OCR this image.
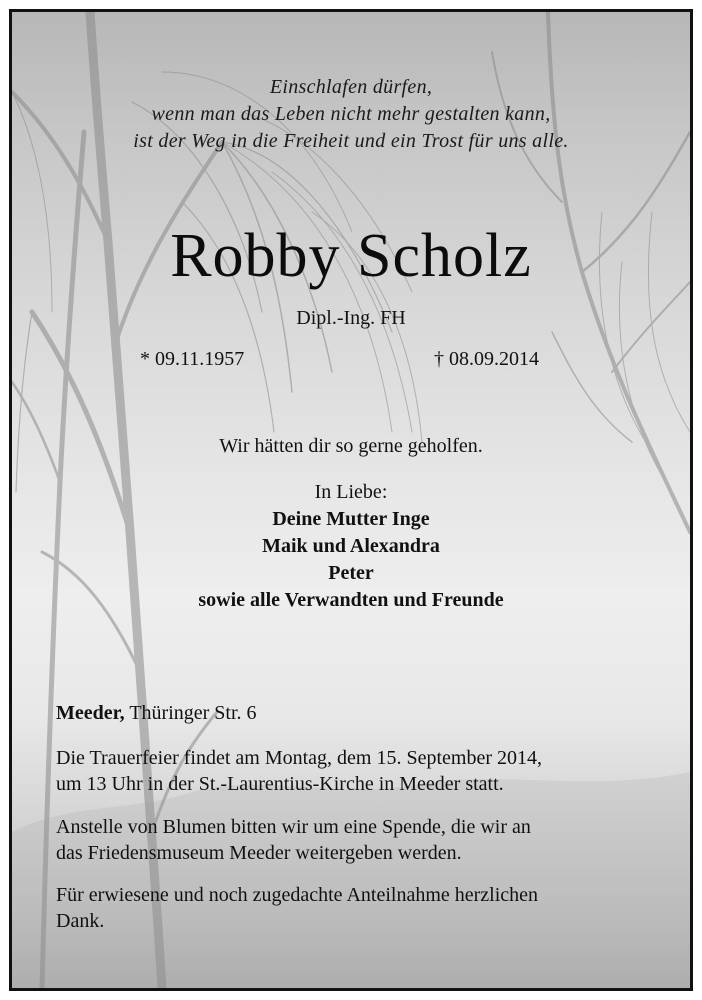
Einschlafen dürfen,
wenn man das Leben nicht mehr gestalten kann,
ist der Weg in die Freiheit und ein Trost für uns alle.
Robby Scholz
Dipl.-Ing. FH
* 09.11.1957	† 08.09.2014
Wir hätten dir so gerne geholfen.
In Liebe:
Deine Mutter Inge
Maik und Alexandra
Peter
sowie alle Verwandten und Freunde
Meeder, Thüringer Str. 6
Die Trauerfeier findet am Montag, dem 15. September 2014,
um 13 Uhr in der St.-Laurentius-Kirche in Meeder statt.
Anstelle von Blumen bitten wir um eine Spende, die wir an
das Friedensmuseum Meeder weitergeben werden.
Für erwiesene und noch zugedachte Anteilnahme herzlichen
Dank.
